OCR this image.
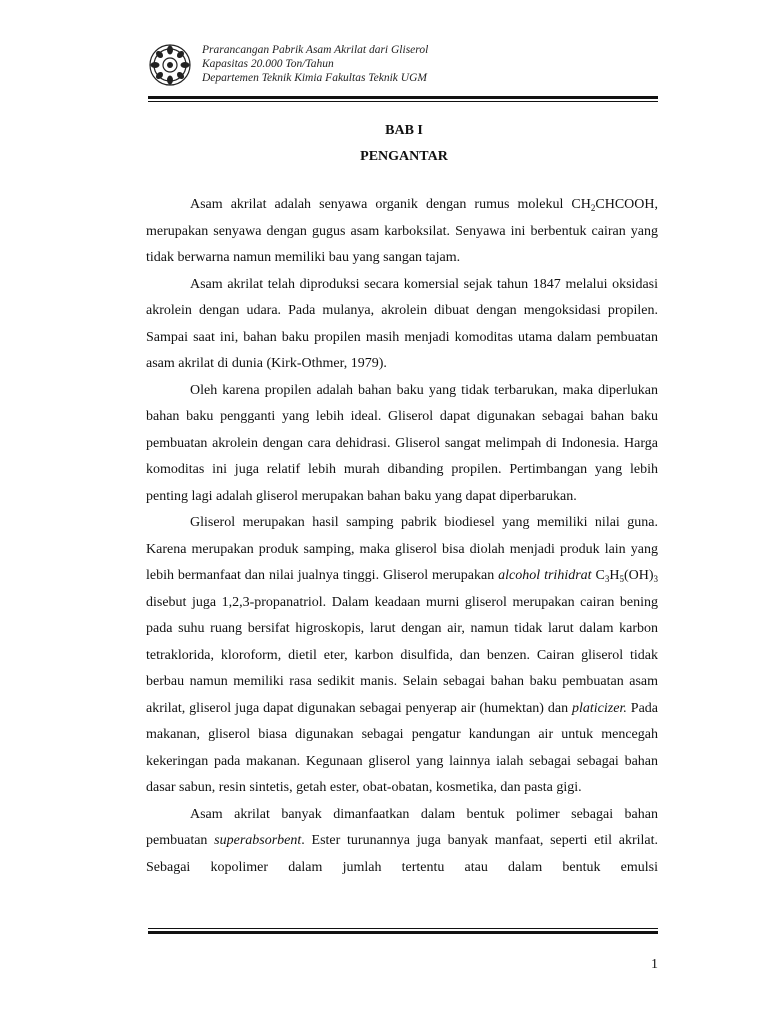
Prarancangan Pabrik Asam Akrilat dari Gliserol
Kapasitas 20.000 Ton/Tahun
Departemen Teknik Kimia Fakultas Teknik UGM
BAB I
PENGANTAR

Asam akrilat adalah senyawa organik dengan rumus molekul $CH_2CHCOOH$, merupakan senyawa dengan gugus asam karboksilat. Senyawa ini berbentuk cairan yang tidak berwarna namun memiliki bau yang sangan tajam.

Asam akrilat telah diproduksi secara komersial sejak tahun 1847 melalui oksidasi akrolein dengan udara. Pada mulanya, akrolein dibuat dengan mengoksidasi propilen. Sampai saat ini, bahan baku propilen masih menjadi komoditas utama dalam pembuatan asam akrilat di dunia (Kirk-Othmer, 1979).

Oleh karena propilen adalah bahan baku yang tidak terbarukan, maka diperlukan bahan baku pengganti yang lebih ideal. Gliserol dapat digunakan sebagai bahan baku pembuatan akrolein dengan cara dehidrasi. Gliserol sangat melimpah di Indonesia. Harga komoditas ini juga relatif lebih murah dibanding propilen. Pertimbangan yang lebih penting lagi adalah gliserol merupakan bahan baku yang dapat diperbarukan.

Gliserol merupakan hasil samping pabrik biodiesel yang memiliki nilai guna. Karena merupakan produk samping, maka gliserol bisa diolah menjadi produk lain yang lebih bermanfaat dan nilai jualnya tinggi. Gliserol merupakan alcohol trihidrat $C_3H_5(OH)_3$ disebut juga 1,2,3-propanatriol. Dalam keadaan murni gliserol merupakan cairan bening pada suhu ruang bersifat higroskopis, larut dengan air, namun tidak larut dalam karbon tetraklorida, kloroform, dietil eter, karbon disulfida, dan benzen. Cairan gliserol tidak berbau namun memiliki rasa sedikit manis. Selain sebagai bahan baku pembuatan asam akrilat, gliserol juga dapat digunakan sebagai penyerap air (humektan) dan platicizer. Pada makanan, gliserol biasa digunakan sebagai pengatur kandungan air untuk mencegah kekeringan pada makanan. Kegunaan gliserol yang lainnya ialah sebagai sebagai bahan dasar sabun, resin sintetis, getah ester, obat-obatan, kosmetika, dan pasta gigi.

Asam akrilat banyak dimanfaatkan dalam bentuk polimer sebagai bahan pembuatan superabsorbent. Ester turunannya juga banyak manfaat, seperti etil akrilat. Sebagai kopolimer dalam jumlah tertentu atau dalam bentuk emulsi

1
